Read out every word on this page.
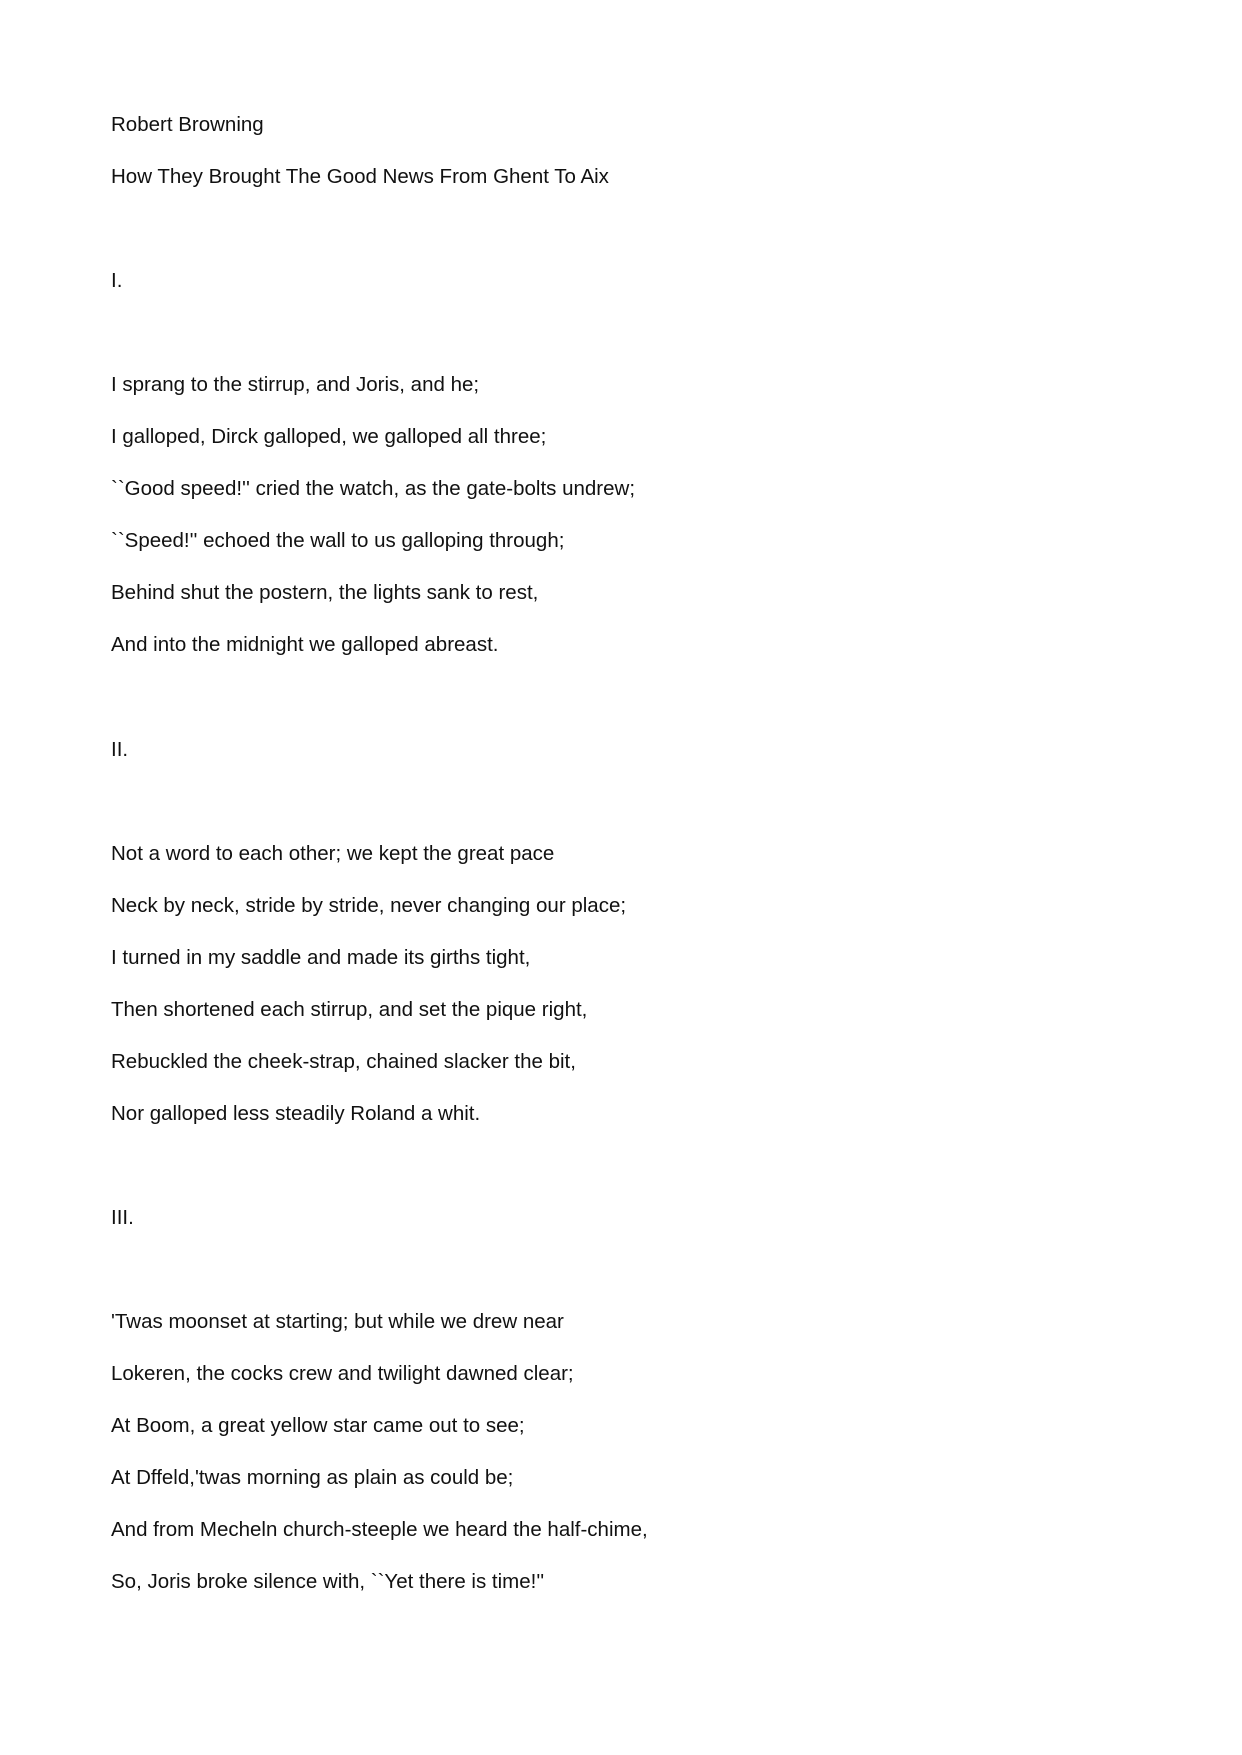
Robert Browning
How They Brought The Good News From Ghent To Aix
I.
I sprang to the stirrup, and Joris, and he;
I galloped, Dirck galloped, we galloped all three;
``Good speed!'' cried the watch, as the gate-bolts undrew;
``Speed!'' echoed the wall to us galloping through;
Behind shut the postern, the lights sank to rest,
And into the midnight we galloped abreast.
II.
Not a word to each other; we kept the great pace
Neck by neck, stride by stride, never changing our place;
I turned in my saddle and made its girths tight,
Then shortened each stirrup, and set the pique right,
Rebuckled the cheek-strap, chained slacker the bit,
Nor galloped less steadily Roland a whit.
III.
'Twas moonset at starting; but while we drew near
Lokeren, the cocks crew and twilight dawned clear;
At Boom, a great yellow star came out to see;
At Dffeld,'twas morning as plain as could be;
And from Mecheln church-steeple we heard the half-chime,
So, Joris broke silence with, ``Yet there is time!''
